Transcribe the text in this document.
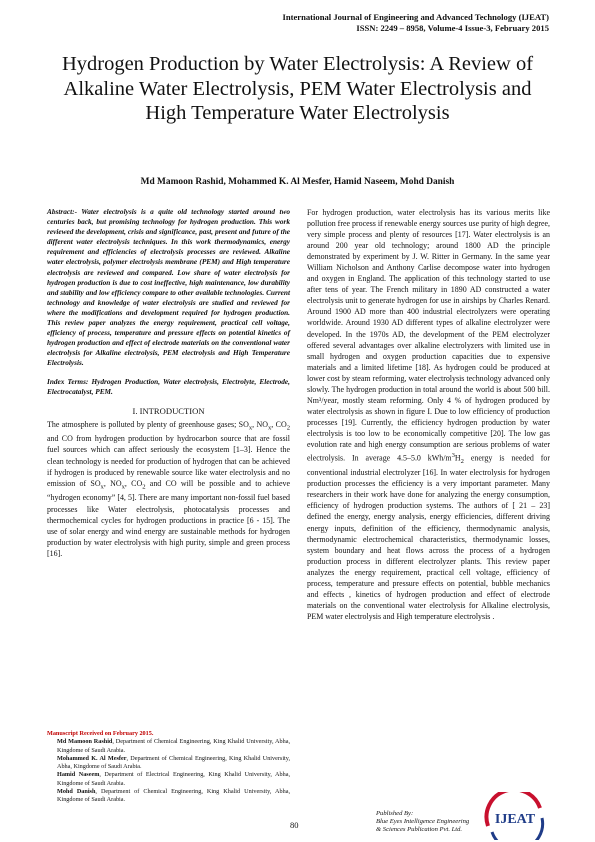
International Journal of Engineering and Advanced Technology (IJEAT)
ISSN: 2249 – 8958, Volume-4 Issue-3, February 2015
Hydrogen Production by Water Electrolysis: A Review of Alkaline Water Electrolysis, PEM Water Electrolysis and High Temperature Water Electrolysis
Md Mamoon Rashid, Mohammed K. Al Mesfer, Hamid Naseem, Mohd Danish

Abstract:- Water electrolysis is a quite old technology started around two centuries back, but promising technology for hydrogen production. This work reviewed the development, crisis and significance, past, present and future of the different water electrolysis techniques. In this work thermodynamics, energy requirement and efficiencies of electrolysis processes are reviewed. Alkaline water electrolysis, polymer electrolysis membrane (PEM) and High temperature electrolysis are reviewed and compared. Low share of water electrolysis for hydrogen production is due to cost ineffective, high maintenance, low durability and stability and low efficiency compare to other available technologies. Current technology and knowledge of water electrolysis are studied and reviewed for where the modifications and development required for hydrogen production. This review paper analyzes the energy requirement, practical cell voltage, efficiency of process, temperature and pressure effects on potential kinetics of hydrogen production and effect of electrode materials on the conventional water electrolysis for Alkaline electrolysis, PEM electrolysis and High Temperature Electrolysis.

Index Terms: Hydrogen Production, Water electrolysis, Electrolyte, Electrode, Electrocatalyst, PEM.

I. INTRODUCTION

The atmosphere is polluted by plenty of greenhouse gases; $SO_x$, $NO_x$, $CO_2$ and CO from hydrogen production by hydrocarbon source that are fossil fuel sources which can affect seriously the ecosystem [1–3]. Hence the clean technology is needed for production of hydrogen that can be achieved if hydrogen is produced by renewable source like water electrolysis and no emission of $SO_x$, $NO_x$, $CO_2$ and CO will be possible and to achieve “hydrogen economy” [4, 5]. There are many important non-fossil fuel based processes like Water electrolysis, photocatalysis processes and thermochemical cycles for hydrogen productions in practice [6 - 15]. The use of solar energy and wind energy are sustainable methods for hydrogen production by water electrolysis with high purity, simple and green process [16].

For hydrogen production, water electrolysis has its various merits like pollution free process if renewable energy sources use purity of high degree, very simple process and plenty of resources [17]. Water electrolysis is an around 200 year old technology; around 1800 AD the principle demonstrated by experiment by J. W. Ritter in Germany. In the same year William Nicholson and Anthony Carlise decompose water into hydrogen and oxygen in England. The application of this technology started to use after tens of year. The French military in 1890 AD constructed a water electrolysis unit to generate hydrogen for use in airships by Charles Renard. Around 1900 AD more than 400 industrial electrolyzers were operating worldwide. Around 1930 AD different types of alkaline electrolyzer were developed. In the 1970s AD, the development of the PEM electrolyzer offered several advantages over alkaline electrolyzers with limited use in small hydrogen and oxygen production capacities due to expensive materials and a limited lifetime [18]. As hydrogen could be produced at lower cost by steam reforming, water electrolysis technology advanced only slowly. The hydrogen production in total around the world is about 500 bill. Nm³/year, mostly steam reforming. Only 4 % of hydrogen produced by water electrolysis as shown in figure I. Due to low efficiency of production processes [19]. Currently, the efficiency hydrogen production by water electrolysis is too low to be economically competitive [20]. The low gas evolution rate and high energy consumption are serious problems of water electrolysis. In average 4.5–5.0 kWh/$m^3H_2$ energy is needed for conventional industrial electrolyzer [16]. In water electrolysis for hydrogen production processes the efficiency is a very important parameter. Many researchers in their work have done for analyzing the energy consumption, efficiency of hydrogen production systems. The authors of [ 21 – 23] defined the energy, energy analysis, energy efficiencies, different driving energy inputs, definition of the efficiency, thermodynamic analysis, thermodynamic electrochemical characteristics, thermodynamic losses, system boundary and heat flows across the process of a hydrogen production process in different electrolyzer plants. This review paper analyzes the energy requirement, practical cell voltage, efficiency of process, temperature and pressure effects on potential, bubble mechanics and effects , kinetics of hydrogen production and effect of electrode materials on the conventional water electrolysis for Alkaline electrolysis, PEM water electrolysis and High temperature electrolysis .

Manuscript Received on February 2015.

Md Mamoon Rashid, Department of Chemical Engineering, King Khalid University, Abha, Kingdome of Saudi Arabia.

Mohammed K. Al Mesfer, Department of Chemical Engineering, King Khalid University, Abha, Kingdome of Saudi Arabia.

Hamid Naseem, Department of Electrical Engineering, King Khalid University, Abha, Kingdome of Saudi Arabia.

Mohd Danish, Department of Chemical Engineering, King Khalid University, Abha, Kingdome of Saudi Arabia.

80
Published By:
Blue Eyes Intelligence Engineering
& Sciences Publication Pvt. Ltd.
IJEAT
